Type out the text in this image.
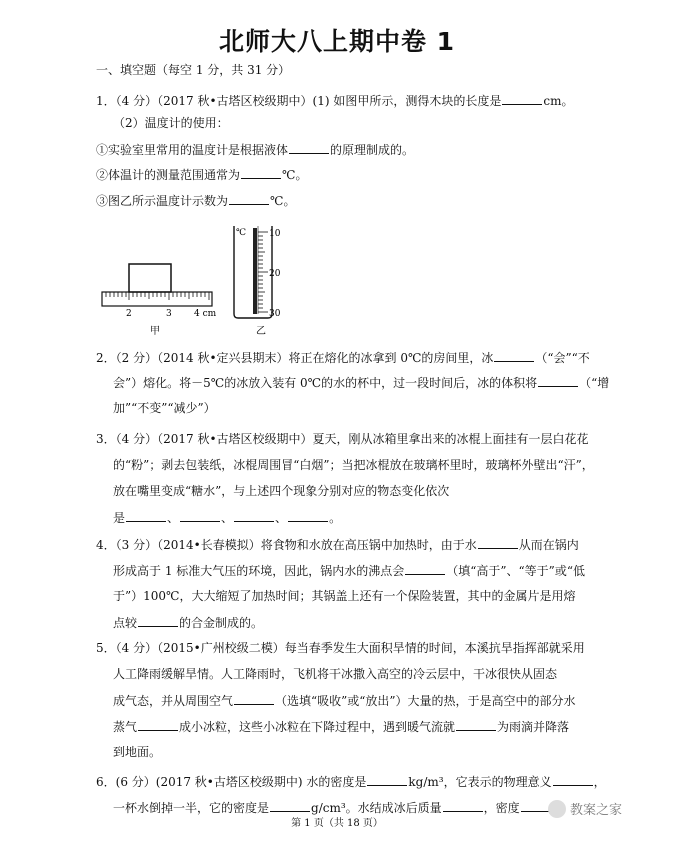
北师大八上期中卷 1
一、填空题（每空 1 分，共 31 分）
1．（4 分）（2017 秋•古塔区校级期中）(1) 如图甲所示，测得木块的长度是	cm。
（2）温度计的使用：
①实验室里常用的温度计是根据液体	的原理制成的。
②体温计的测量范围通常为	℃。
③图乙所示温度计示数为	℃。
2	3 4 cm
甲
℃	10
20
30
乙
2．（2 分）（2014 秋•定兴县期末）将正在熔化的冰拿到 0℃的房间里，冰	（“会”“不
会”）熔化。将－5℃的冰放入装有 0℃的水的杯中，过一段时间后，冰的体积将	（“增
加”“不变”“减少”）
3．（4 分）（2017 秋•古塔区校级期中）夏天，刚从冰箱里拿出来的冰棍上面挂有一层白花花
的“粉”；剥去包装纸，冰棍周围冒“白烟”；当把冰棍放在玻璃杯里时，玻璃杯外壁出“汗”，
放在嘴里变成“糖水”，与上述四个现象分别对应的物态变化依次
是	、	、	、	。
4．（3 分）（2014•长春模拟）将食物和水放在高压锅中加热时，由于水	从而在锅内
形成高于 1 标准大气压的环境，因此，锅内水的沸点会	（填“高于”、“等于”或“低
于”）100℃，大大缩短了加热时间；其锅盖上还有一个保险装置，其中的金属片是用熔
点较	的合金制成的。
5．（4 分）（2015•广州校级二模）每当春季发生大面积旱情的时间，本溪抗旱指挥部就采用
人工降雨缓解旱情。人工降雨时，飞机将干冰撒入高空的冷云层中，干冰很快从固态
成气态，并从周围空气	（选填“吸收”或“放出”）大量的热，于是高空中的部分水
蒸气	成小冰粒，这些小冰粒在下降过程中，遇到暖气流就	为雨滴并降落
到地面。
6．(6 分）(2017 秋•古塔区校级期中) 水的密度是	kg/m³，它表示的物理意义	，
一杯水倒掉一半，它的密度是	g/cm³。水结成冰后质量	，密度
第 1 页（共 18 页）
教案之家
